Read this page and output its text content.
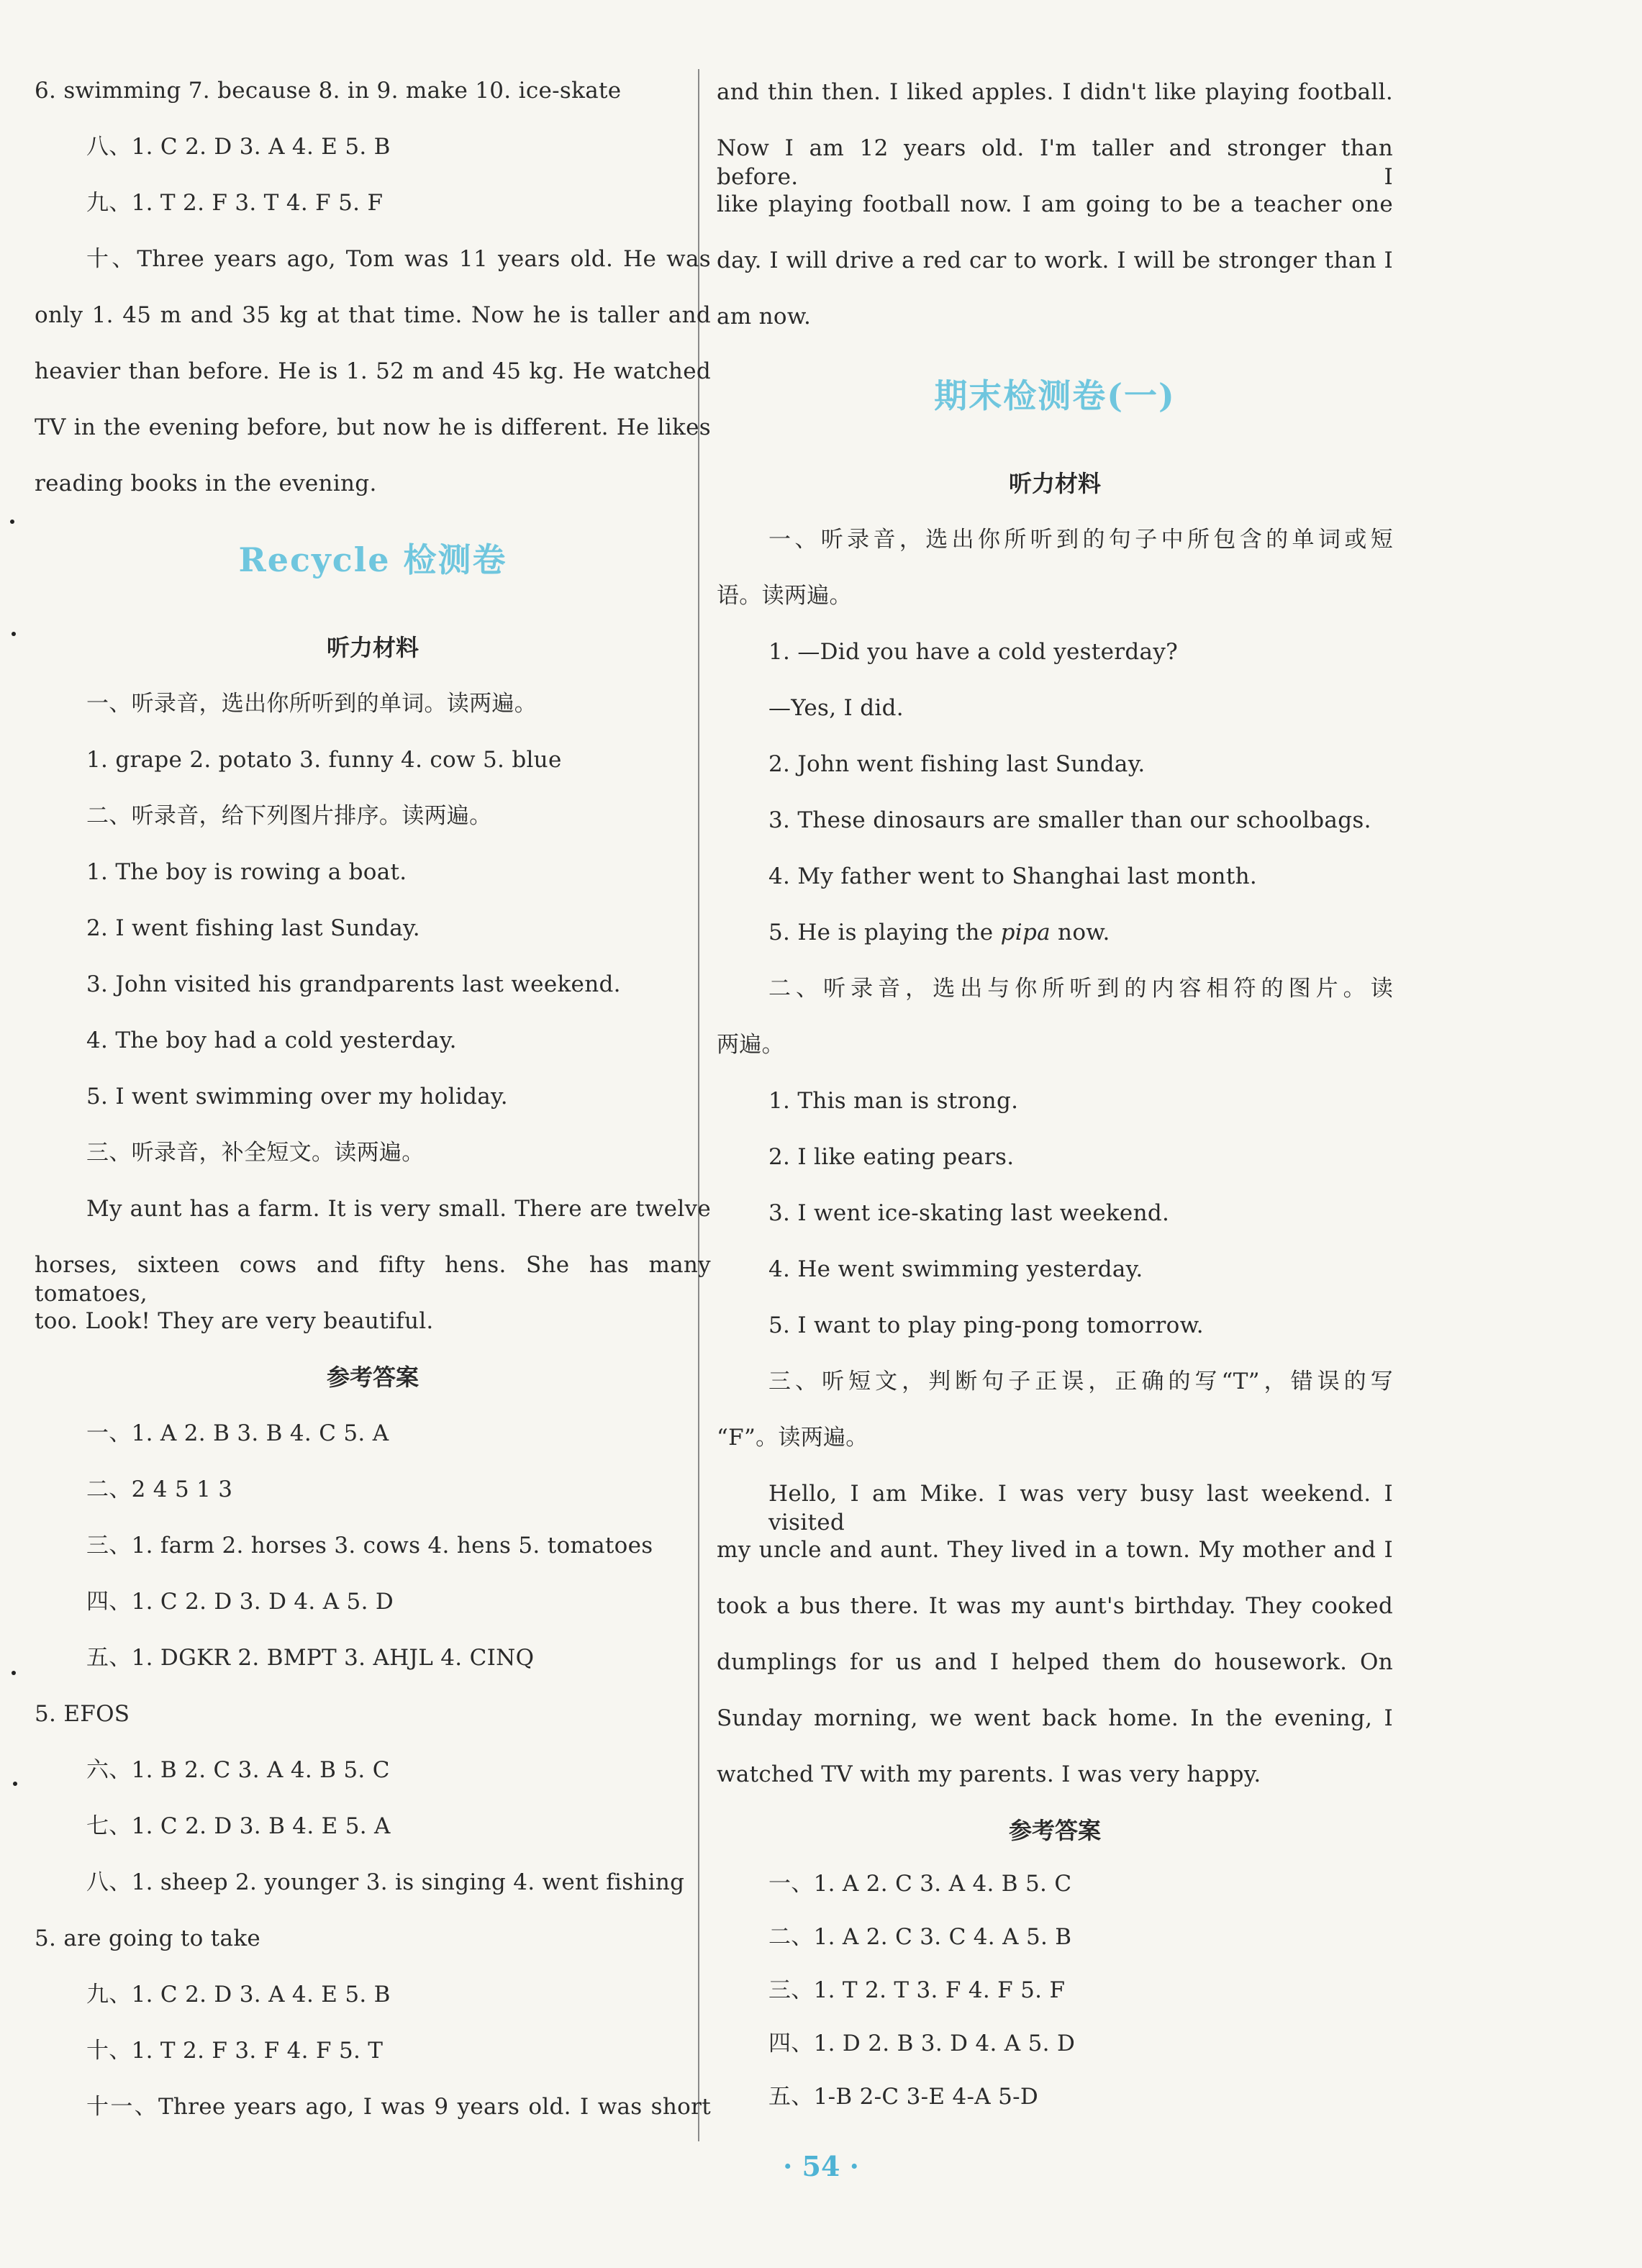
6. swimming 7. because 8. in 9. make 10. ice-skate
八、1. C 2. D 3. A 4. E 5. B
九、1. T 2. F 3. T 4. F 5. F
十、Three years ago, Tom was 11 years old. He was
only 1. 45 m and 35 kg at that time. Now he is taller and
heavier than before. He is 1. 52 m and 45 kg. He watched
TV in the evening before, but now he is different. He likes
reading books in the evening.
Recycle 检测卷
听力材料
一、听录音，选出你所听到的单词。读两遍。
1. grape 2. potato 3. funny 4. cow 5. blue
二、听录音，给下列图片排序。读两遍。
1. The boy is rowing a boat.
2. I went fishing last Sunday.
3. John visited his grandparents last weekend.
4. The boy had a cold yesterday.
5. I went swimming over my holiday.
三、听录音，补全短文。读两遍。
My aunt has a farm. It is very small. There are twelve
horses, sixteen cows and fifty hens. She has many tomatoes,
too. Look! They are very beautiful.
参考答案
一、1. A 2. B 3. B 4. C 5. A
二、2 4 5 1 3
三、1. farm 2. horses 3. cows 4. hens 5. tomatoes
四、1. C 2. D 3. D 4. A 5. D
五、1. DGKR 2. BMPT 3. AHJL 4. CINQ
5. EFOS
六、1. B 2. C 3. A 4. B 5. C
七、1. C 2. D 3. B 4. E 5. A
八、1. sheep 2. younger 3. is singing 4. went fishing
5. are going to take
九、1. C 2. D 3. A 4. E 5. B
十、1. T 2. F 3. F 4. F 5. T
十一、Three years ago, I was 9 years old. I was short
and thin then. I liked apples. I didn't like playing football.
Now I am 12 years old. I'm taller and stronger than before. I
like playing football now. I am going to be a teacher one
day. I will drive a red car to work. I will be stronger than I
am now.
期末检测卷(一)
听力材料
一、听录音，选出你所听到的句子中所包含的单词或短
语。读两遍。
1. —Did you have a cold yesterday?
—Yes, I did.
2. John went fishing last Sunday.
3. These dinosaurs are smaller than our schoolbags.
4. My father went to Shanghai last month.
5. He is playing the pipa now.
二、听录音，选出与你所听到的内容相符的图片。读
两遍。
1. This man is strong.
2. I like eating pears.
3. I went ice-skating last weekend.
4. He went swimming yesterday.
5. I want to play ping-pong tomorrow.
三、听短文，判断句子正误，正确的写“T”，错误的写
“F”。读两遍。
Hello, I am Mike. I was very busy last weekend. I visited
my uncle and aunt. They lived in a town. My mother and I
took a bus there. It was my aunt's birthday. They cooked
dumplings for us and I helped them do housework. On
Sunday morning, we went back home. In the evening, I
watched TV with my parents. I was very happy.
参考答案
一、1. A 2. C 3. A 4. B 5. C
二、1. A 2. C 3. C 4. A 5. B
三、1. T 2. T 3. F 4. F 5. F
四、1. D 2. B 3. D 4. A 5. D
五、1-B 2-C 3-E 4-A 5-D
· 54 ·
